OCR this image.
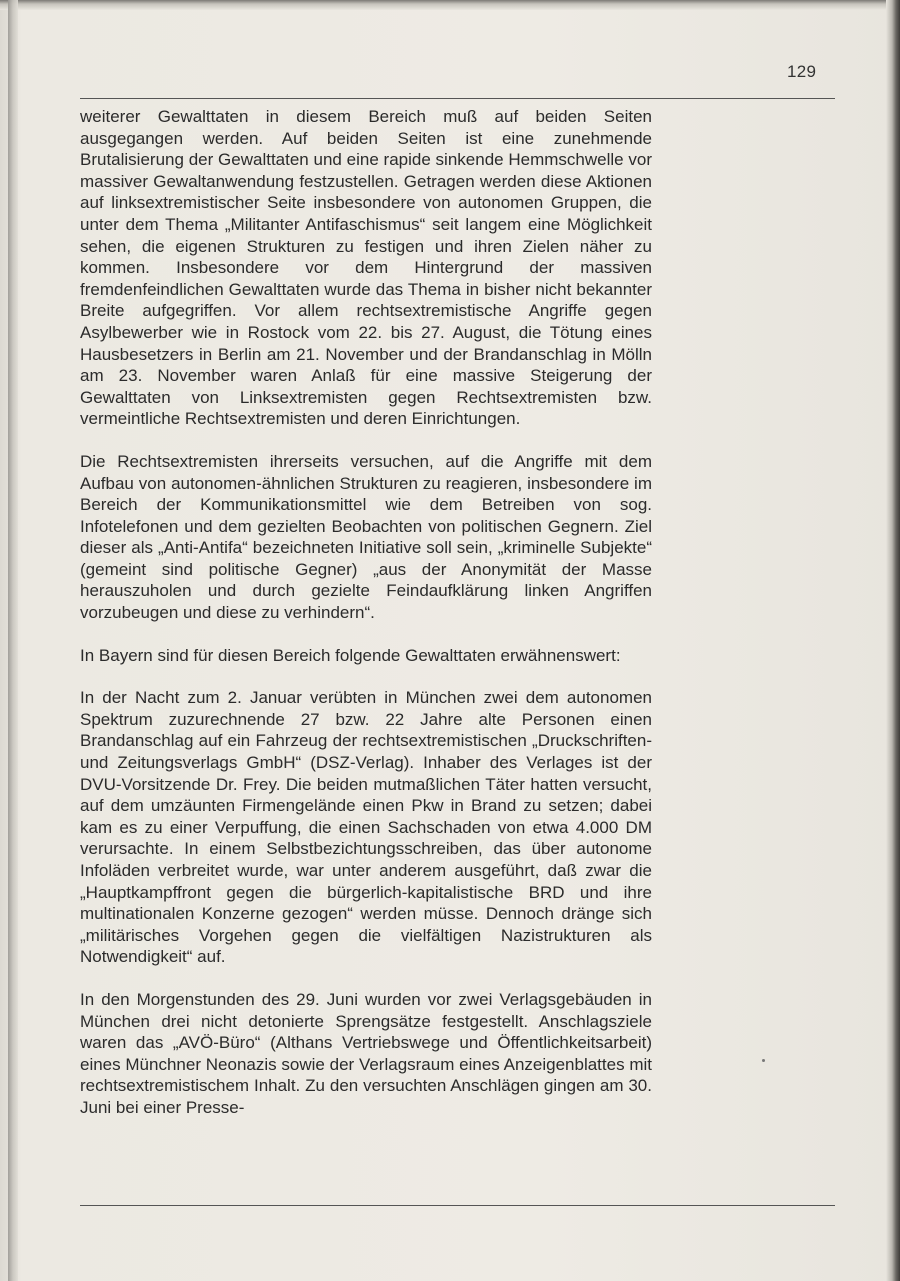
129

weiterer Gewalttaten in diesem Bereich muß auf beiden Seiten ausgegangen werden. Auf beiden Seiten ist eine zunehmende Brutalisierung der Gewalttaten und eine rapide sinkende Hemmschwelle vor massiver Gewaltanwendung festzustellen. Getragen werden diese Aktionen auf linksextremistischer Seite insbesondere von autonomen Gruppen, die unter dem Thema „Militanter Antifaschismus“ seit langem eine Möglichkeit sehen, die eigenen Strukturen zu festigen und ihren Zielen näher zu kommen. Insbesondere vor dem Hintergrund der massiven fremdenfeindlichen Gewalttaten wurde das Thema in bisher nicht bekannter Breite aufgegriffen. Vor allem rechtsextremistische Angriffe gegen Asylbewerber wie in Rostock vom 22. bis 27. August, die Tötung eines Hausbesetzers in Berlin am 21. November und der Brandanschlag in Mölln am 23. November waren Anlaß für eine massive Steigerung der Gewalttaten von Linksextremisten gegen Rechtsextremisten bzw. vermeintliche Rechtsextremisten und deren Einrichtungen.

Die Rechtsextremisten ihrerseits versuchen, auf die Angriffe mit dem Aufbau von autonomen-ähnlichen Strukturen zu reagieren, insbesondere im Bereich der Kommunikationsmittel wie dem Betreiben von sog. Infotelefonen und dem gezielten Beobachten von politischen Gegnern. Ziel dieser als „Anti-Antifa“ bezeichneten Initiative soll sein, „kriminelle Subjekte“ (gemeint sind politische Gegner) „aus der Anonymität der Masse herauszuholen und durch gezielte Feindaufklärung linken Angriffen vorzubeugen und diese zu verhindern“.

In Bayern sind für diesen Bereich folgende Gewalttaten erwähnenswert:

In der Nacht zum 2. Januar verübten in München zwei dem autonomen Spektrum zuzurechnende 27 bzw. 22 Jahre alte Personen einen Brandanschlag auf ein Fahrzeug der rechtsextremistischen „Druckschriften- und Zeitungsverlags GmbH“ (DSZ-Verlag). Inhaber des Verlages ist der DVU-Vorsitzende Dr. Frey. Die beiden mutmaßlichen Täter hatten versucht, auf dem umzäunten Firmengelände einen Pkw in Brand zu setzen; dabei kam es zu einer Verpuffung, die einen Sachschaden von etwa 4.000 DM verursachte. In einem Selbstbezichtungsschreiben, das über autonome Infoläden verbreitet wurde, war unter anderem ausgeführt, daß zwar die „Hauptkampffront gegen die bürgerlich-kapitalistische BRD und ihre multinationalen Konzerne gezogen“ werden müsse. Dennoch dränge sich „militärisches Vorgehen gegen die vielfältigen Nazistrukturen als Notwendigkeit“ auf.

In den Morgenstunden des 29. Juni wurden vor zwei Verlagsgebäuden in München drei nicht detonierte Sprengsätze festgestellt. Anschlagsziele waren das „AVÖ-Büro“ (Althans Vertriebswege und Öffentlichkeitsarbeit) eines Münchner Neonazis sowie der Verlagsraum eines Anzeigenblattes mit rechtsextremistischem Inhalt. Zu den versuchten Anschlägen gingen am 30. Juni bei einer Presse-
